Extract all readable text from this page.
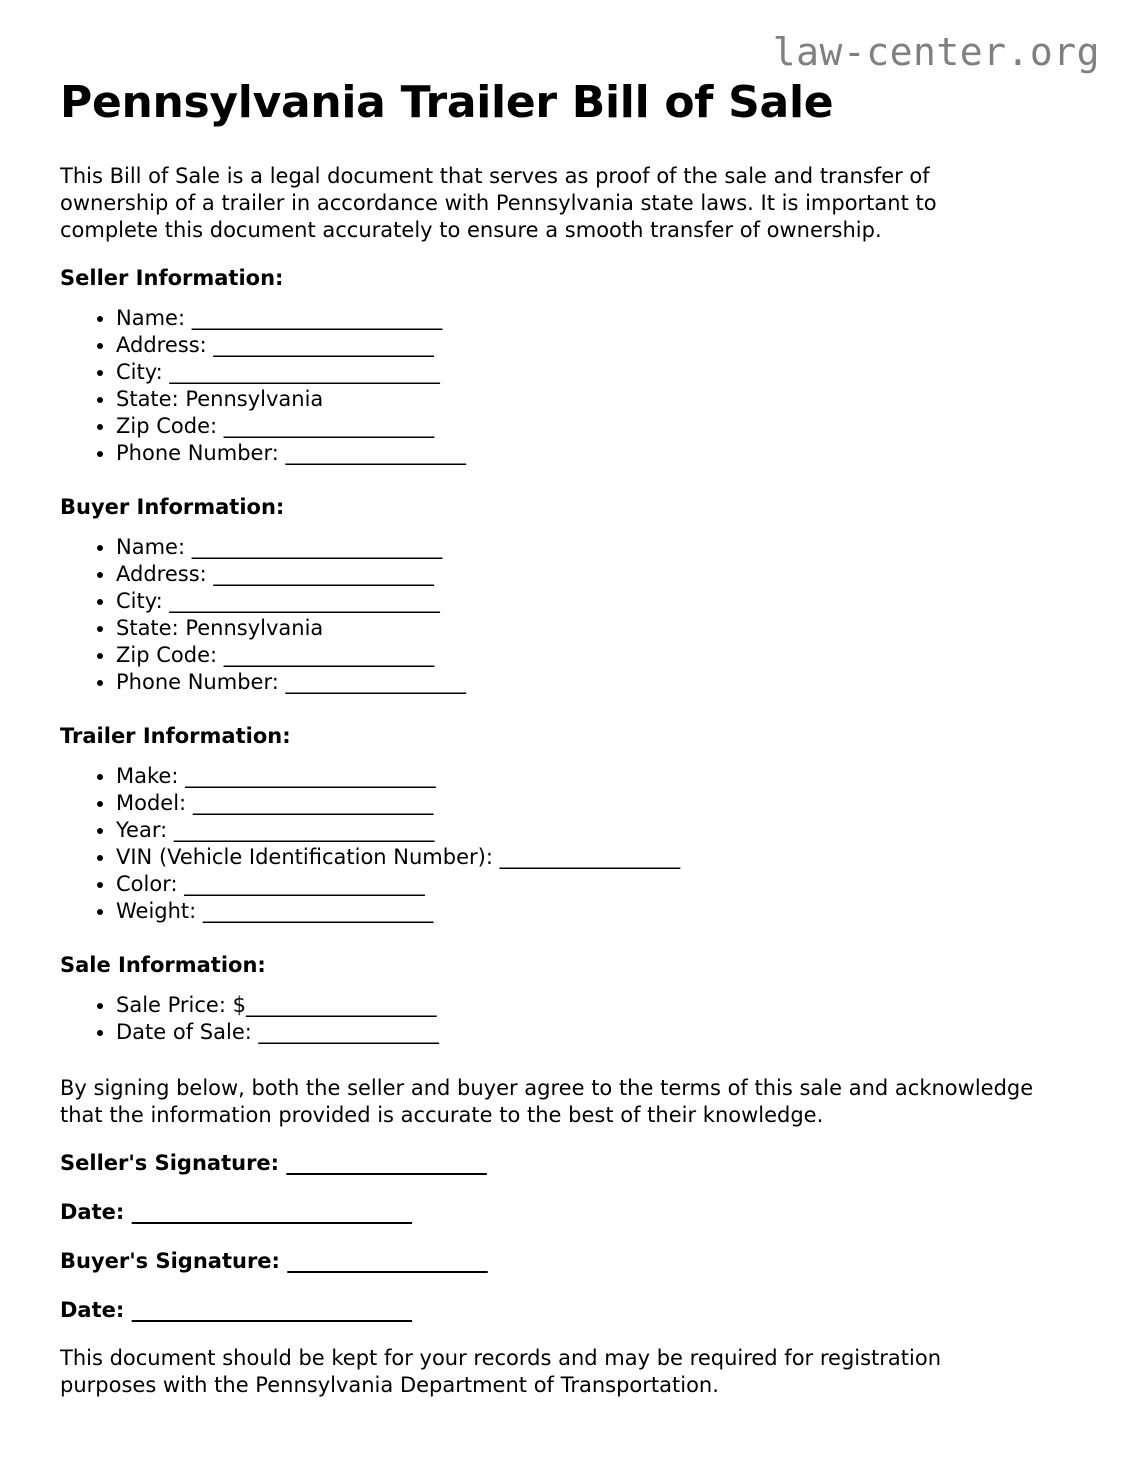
law-center.org
Pennsylvania Trailer Bill of Sale

This Bill of Sale is a legal document that serves as proof of the sale and transfer of ownership of a trailer in accordance with Pennsylvania state laws. It is important to complete this document accurately to ensure a smooth transfer of ownership.

Seller Information:
• Name: _________________________
• Address: ______________________
• City: ___________________________
• State: Pennsylvania
• Zip Code: _____________________
• Phone Number: __________________
Buyer Information:
• Name: _________________________
• Address: ______________________
• City: ___________________________
• State: Pennsylvania
• Zip Code: _____________________
• Phone Number: __________________
Trailer Information:
• Make: _________________________
• Model: ________________________
• Year: __________________________
• VIN (Vehicle Identification Number): __________________
• Color: ________________________
• Weight: _______________________
Sale Information:
• Sale Price: $___________________
• Date of Sale: __________________

By signing below, both the seller and buyer agree to the terms of this sale and acknowledge that the information provided is accurate to the best of their knowledge.

Seller's Signature: ____________________
Date: ____________________________
Buyer's Signature: ____________________
Date: ____________________________

This document should be kept for your records and may be required for registration purposes with the Pennsylvania Department of Transportation.
